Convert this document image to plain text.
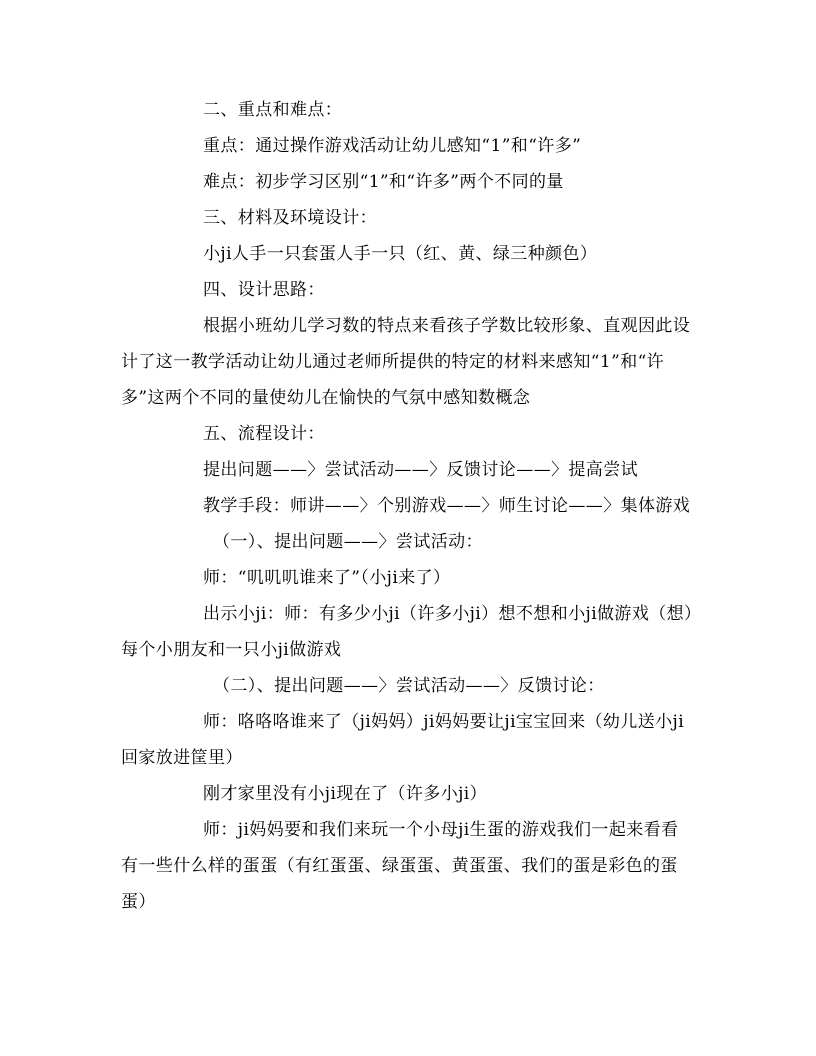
二、重点和难点：

重点：通过操作游戏活动让幼儿感知“1”和“许多”

难点：初步学习区别“1”和“许多”两个不同的量

三、材料及环境设计：

小ji人手一只套蛋人手一只（红、黄、绿三种颜色）

四、设计思路：

根据小班幼儿学习数的特点来看孩子学数比较形象、直观因此设计了这一教学活动让幼儿通过老师所提供的特定的材料来感知“1”和“许多”这两个不同的量使幼儿在愉快的气氛中感知数概念

五、流程设计：

提出问题——〉尝试活动——〉反馈讨论——〉提高尝试

教学手段：师讲——〉个别游戏——〉师生讨论——〉集体游戏

（一）、提出问题——〉尝试活动：

师：“叽叽叽谁来了”（小ji来了）

出示小ji：师：有多少小ji（许多小ji）想不想和小ji做游戏（想）每个小朋友和一只小ji做游戏

（二）、提出问题——〉尝试活动——〉反馈讨论：

师：咯咯咯谁来了（ji妈妈）ji妈妈要让ji宝宝回来（幼儿送小ji回家放进筐里）

刚才家里没有小ji现在了（许多小ji）

师：ji妈妈要和我们来玩一个小母ji生蛋的游戏我们一起来看看有一些什么样的蛋蛋（有红蛋蛋、绿蛋蛋、黄蛋蛋、我们的蛋是彩色的蛋蛋）
